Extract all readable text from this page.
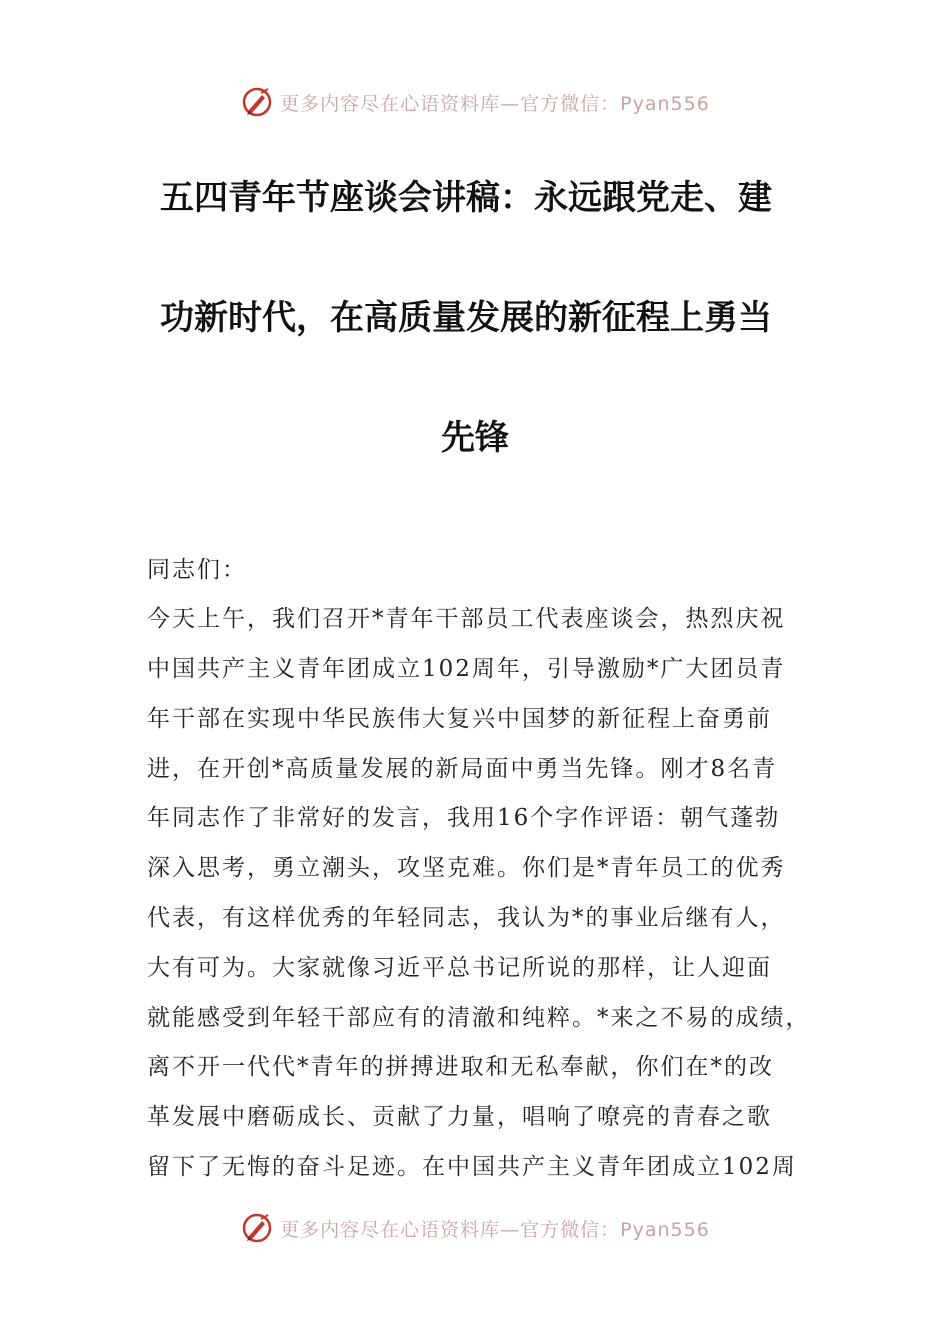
更多内容尽在心语资料库—官方微信：Pyan556
五四青年节座谈会讲稿：永远跟党走、建
功新时代，在高质量发展的新征程上勇当
先锋
同志们：
今天上午，我们召开*青年干部员工代表座谈会，热烈庆祝
中国共产主义青年团成立102周年，引导激励*广大团员青
年干部在实现中华民族伟大复兴中国梦的新征程上奋勇前
进，在开创*高质量发展的新局面中勇当先锋。刚才8名青
年同志作了非常好的发言，我用16个字作评语：朝气蓬勃
深入思考，勇立潮头，攻坚克难。你们是*青年员工的优秀
代表，有这样优秀的年轻同志，我认为*的事业后继有人，
大有可为。大家就像习近平总书记所说的那样，让人迎面
就能感受到年轻干部应有的清澈和纯粹。*来之不易的成绩，
离不开一代代*青年的拼搏进取和无私奉献，你们在*的改
革发展中磨砺成长、贡献了力量，唱响了嘹亮的青春之歌
留下了无悔的奋斗足迹。在中国共产主义青年团成立102周
更多内容尽在心语资料库—官方微信：Pyan556
